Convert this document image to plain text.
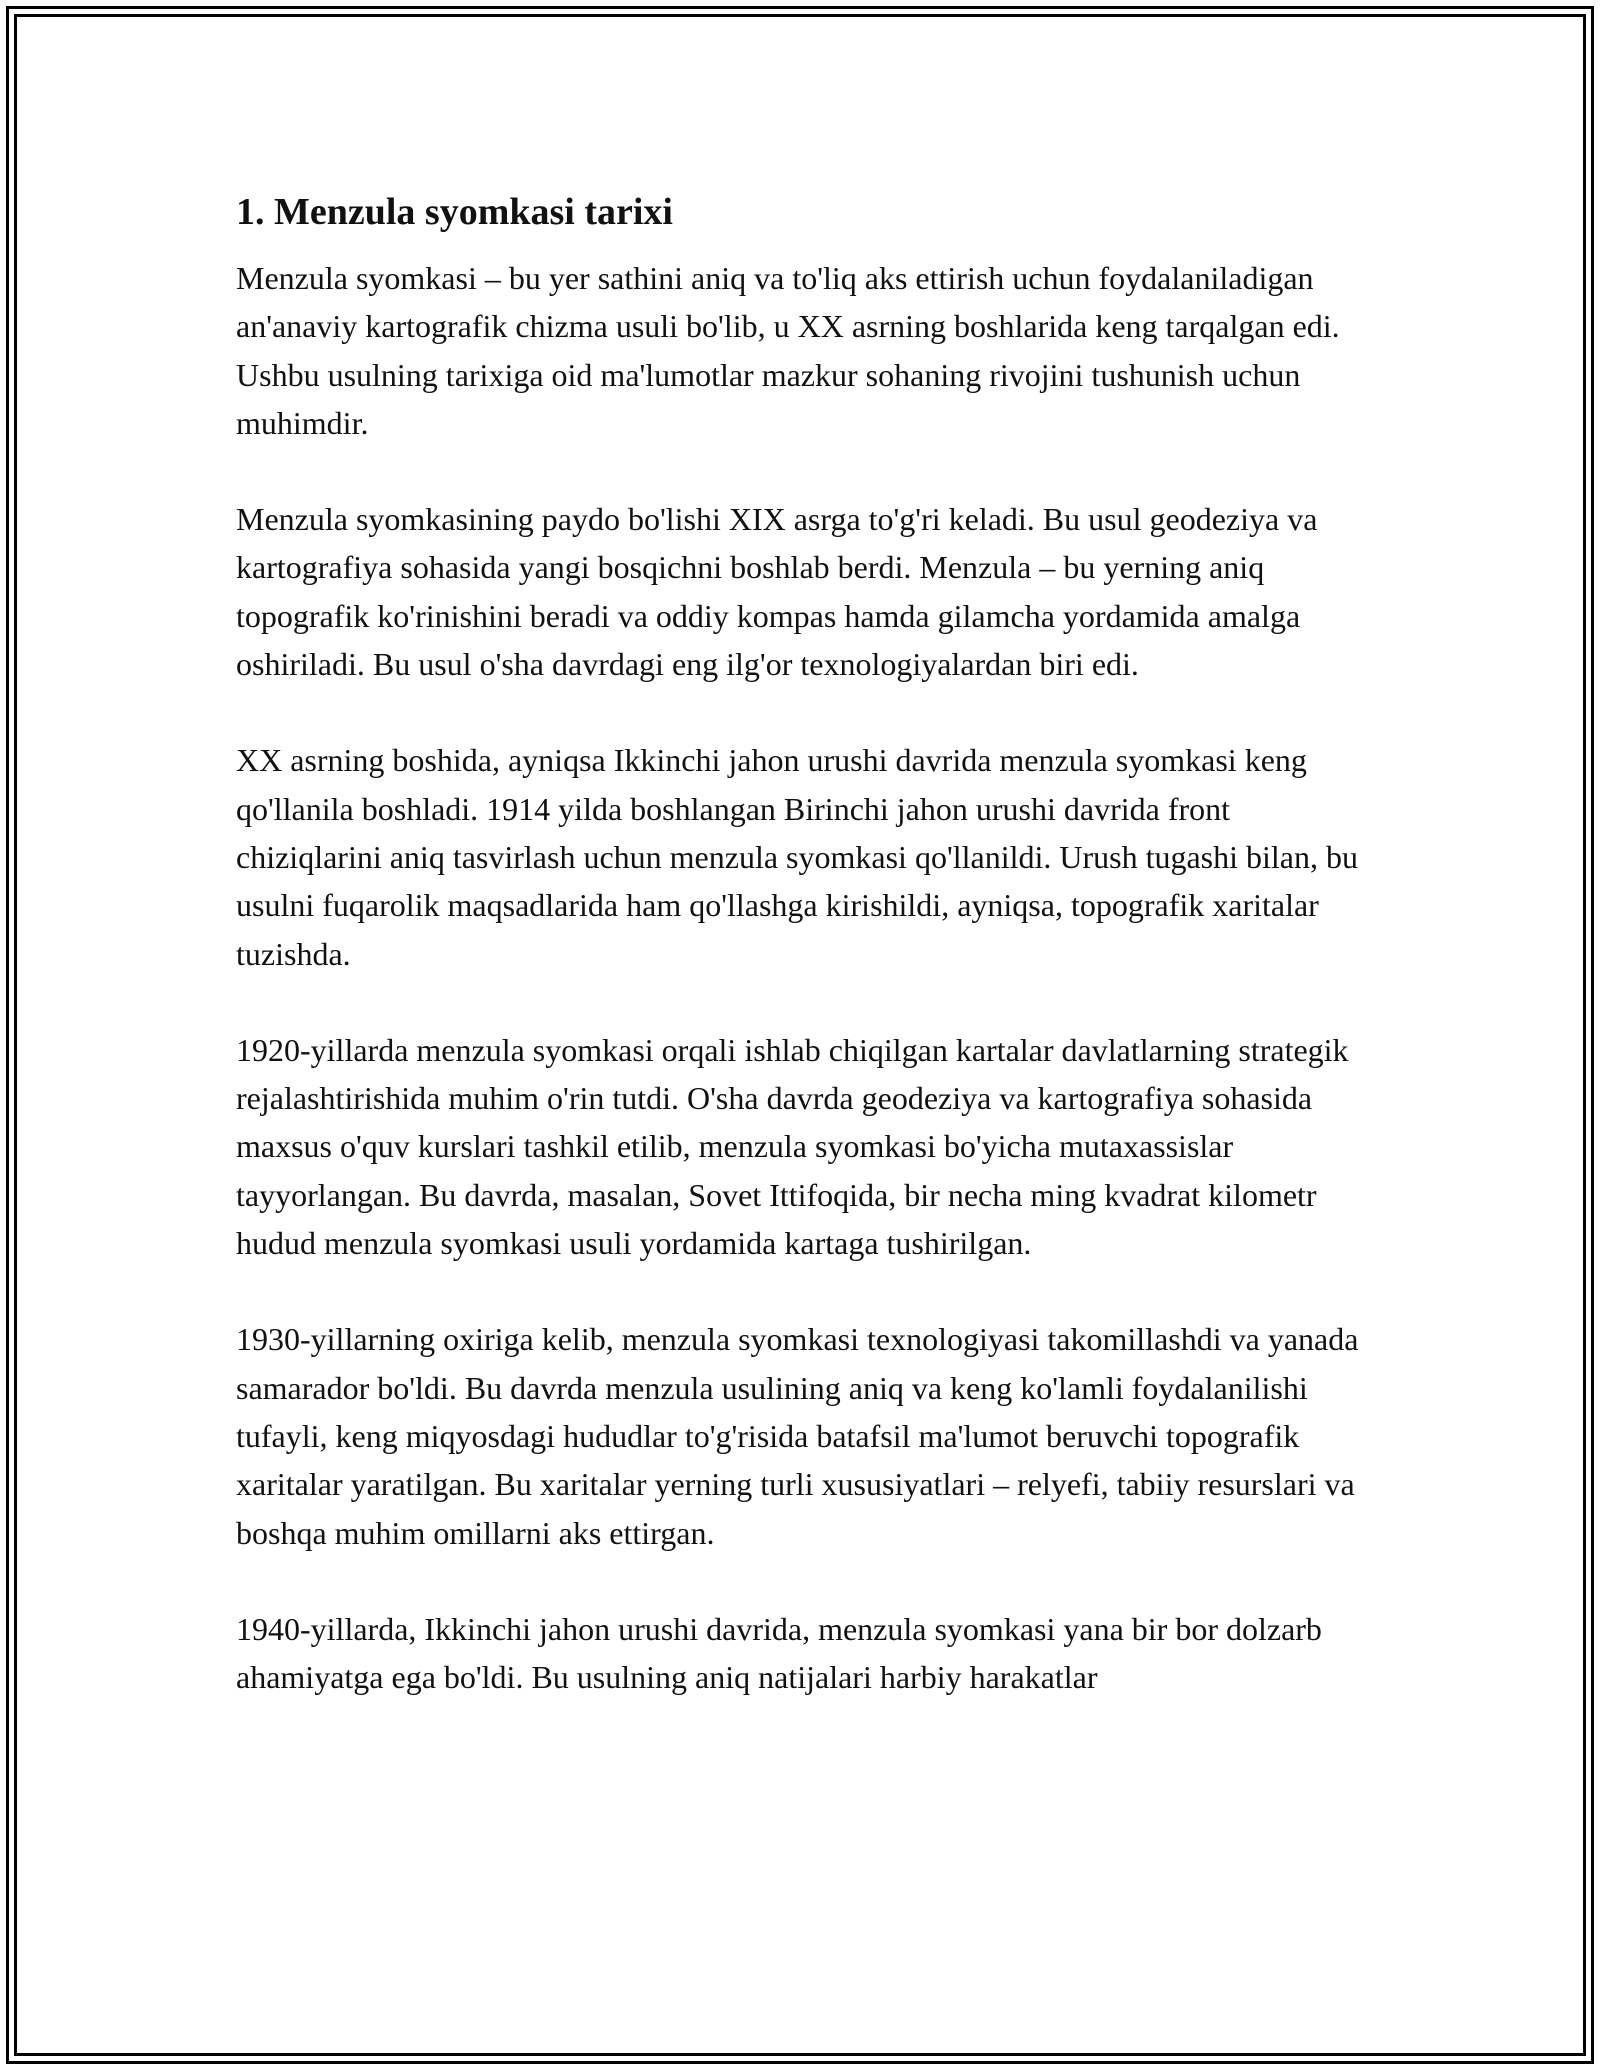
1. Menzula syomkasi tarixi

Menzula syomkasi – bu yer sathini aniq va to'liq aks ettirish uchun foydalaniladigan an'anaviy kartografik chizma usuli bo'lib, u XX asrning boshlarida keng tarqalgan edi. Ushbu usulning tarixiga oid ma'lumotlar mazkur sohaning rivojini tushunish uchun muhimdir.

Menzula syomkasining paydo bo'lishi XIX asrga to'g'ri keladi. Bu usul geodeziya va kartografiya sohasida yangi bosqichni boshlab berdi. Menzula – bu yerning aniq topografik ko'rinishini beradi va oddiy kompas hamda gilamcha yordamida amalga oshiriladi. Bu usul o'sha davrdagi eng ilg'or texnologiyalardan biri edi.

XX asrning boshida, ayniqsa Ikkinchi jahon urushi davrida menzula syomkasi keng qo'llanila boshladi. 1914 yilda boshlangan Birinchi jahon urushi davrida front chiziqlarini aniq tasvirlash uchun menzula syomkasi qo'llanildi. Urush tugashi bilan, bu usulni fuqarolik maqsadlarida ham qo'llashga kirishildi, ayniqsa, topografik xaritalar tuzishda.

1920-yillarda menzula syomkasi orqali ishlab chiqilgan kartalar davlatlarning strategik rejalashtirishida muhim o'rin tutdi. O'sha davrda geodeziya va kartografiya sohasida maxsus o'quv kurslari tashkil etilib, menzula syomkasi bo'yicha mutaxassislar tayyorlangan. Bu davrda, masalan, Sovet Ittifoqida, bir necha ming kvadrat kilometr hudud menzula syomkasi usuli yordamida kartaga tushirilgan.

1930-yillarning oxiriga kelib, menzula syomkasi texnologiyasi takomillashdi va yanada samarador bo'ldi. Bu davrda menzula usulining aniq va keng ko'lamli foydalanilishi tufayli, keng miqyosdagi hududlar to'g'risida batafsil ma'lumot beruvchi topografik xaritalar yaratilgan. Bu xaritalar yerning turli xususiyatlari – relyefi, tabiiy resurslari va boshqa muhim omillarni aks ettirgan.

1940-yillarda, Ikkinchi jahon urushi davrida, menzula syomkasi yana bir bor dolzarb ahamiyatga ega bo'ldi. Bu usulning aniq natijalari harbiy harakatlar
